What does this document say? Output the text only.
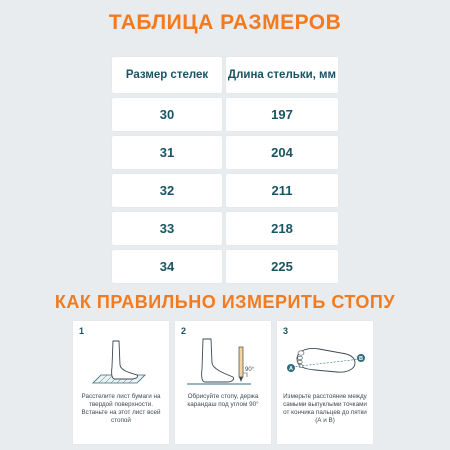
ТАБЛИЦА РАЗМЕРОВ
Размер стелек	Длина стельки, мм
30	197
31	204
32	211
33	218
34	225
КАК ПРАВИЛЬНО ИЗМЕРИТЬ СТОПУ
1
Расстелите лист бумаги на твердой поверхности. Встаньте на этот лист всей стопой
2
90°
Обрисуйте стопу, держа карандаш под углом 90°
3
A
B
Измерьте расстояние между самыми выпуклыми точками от кончика пальцев до пятки (А и В)
